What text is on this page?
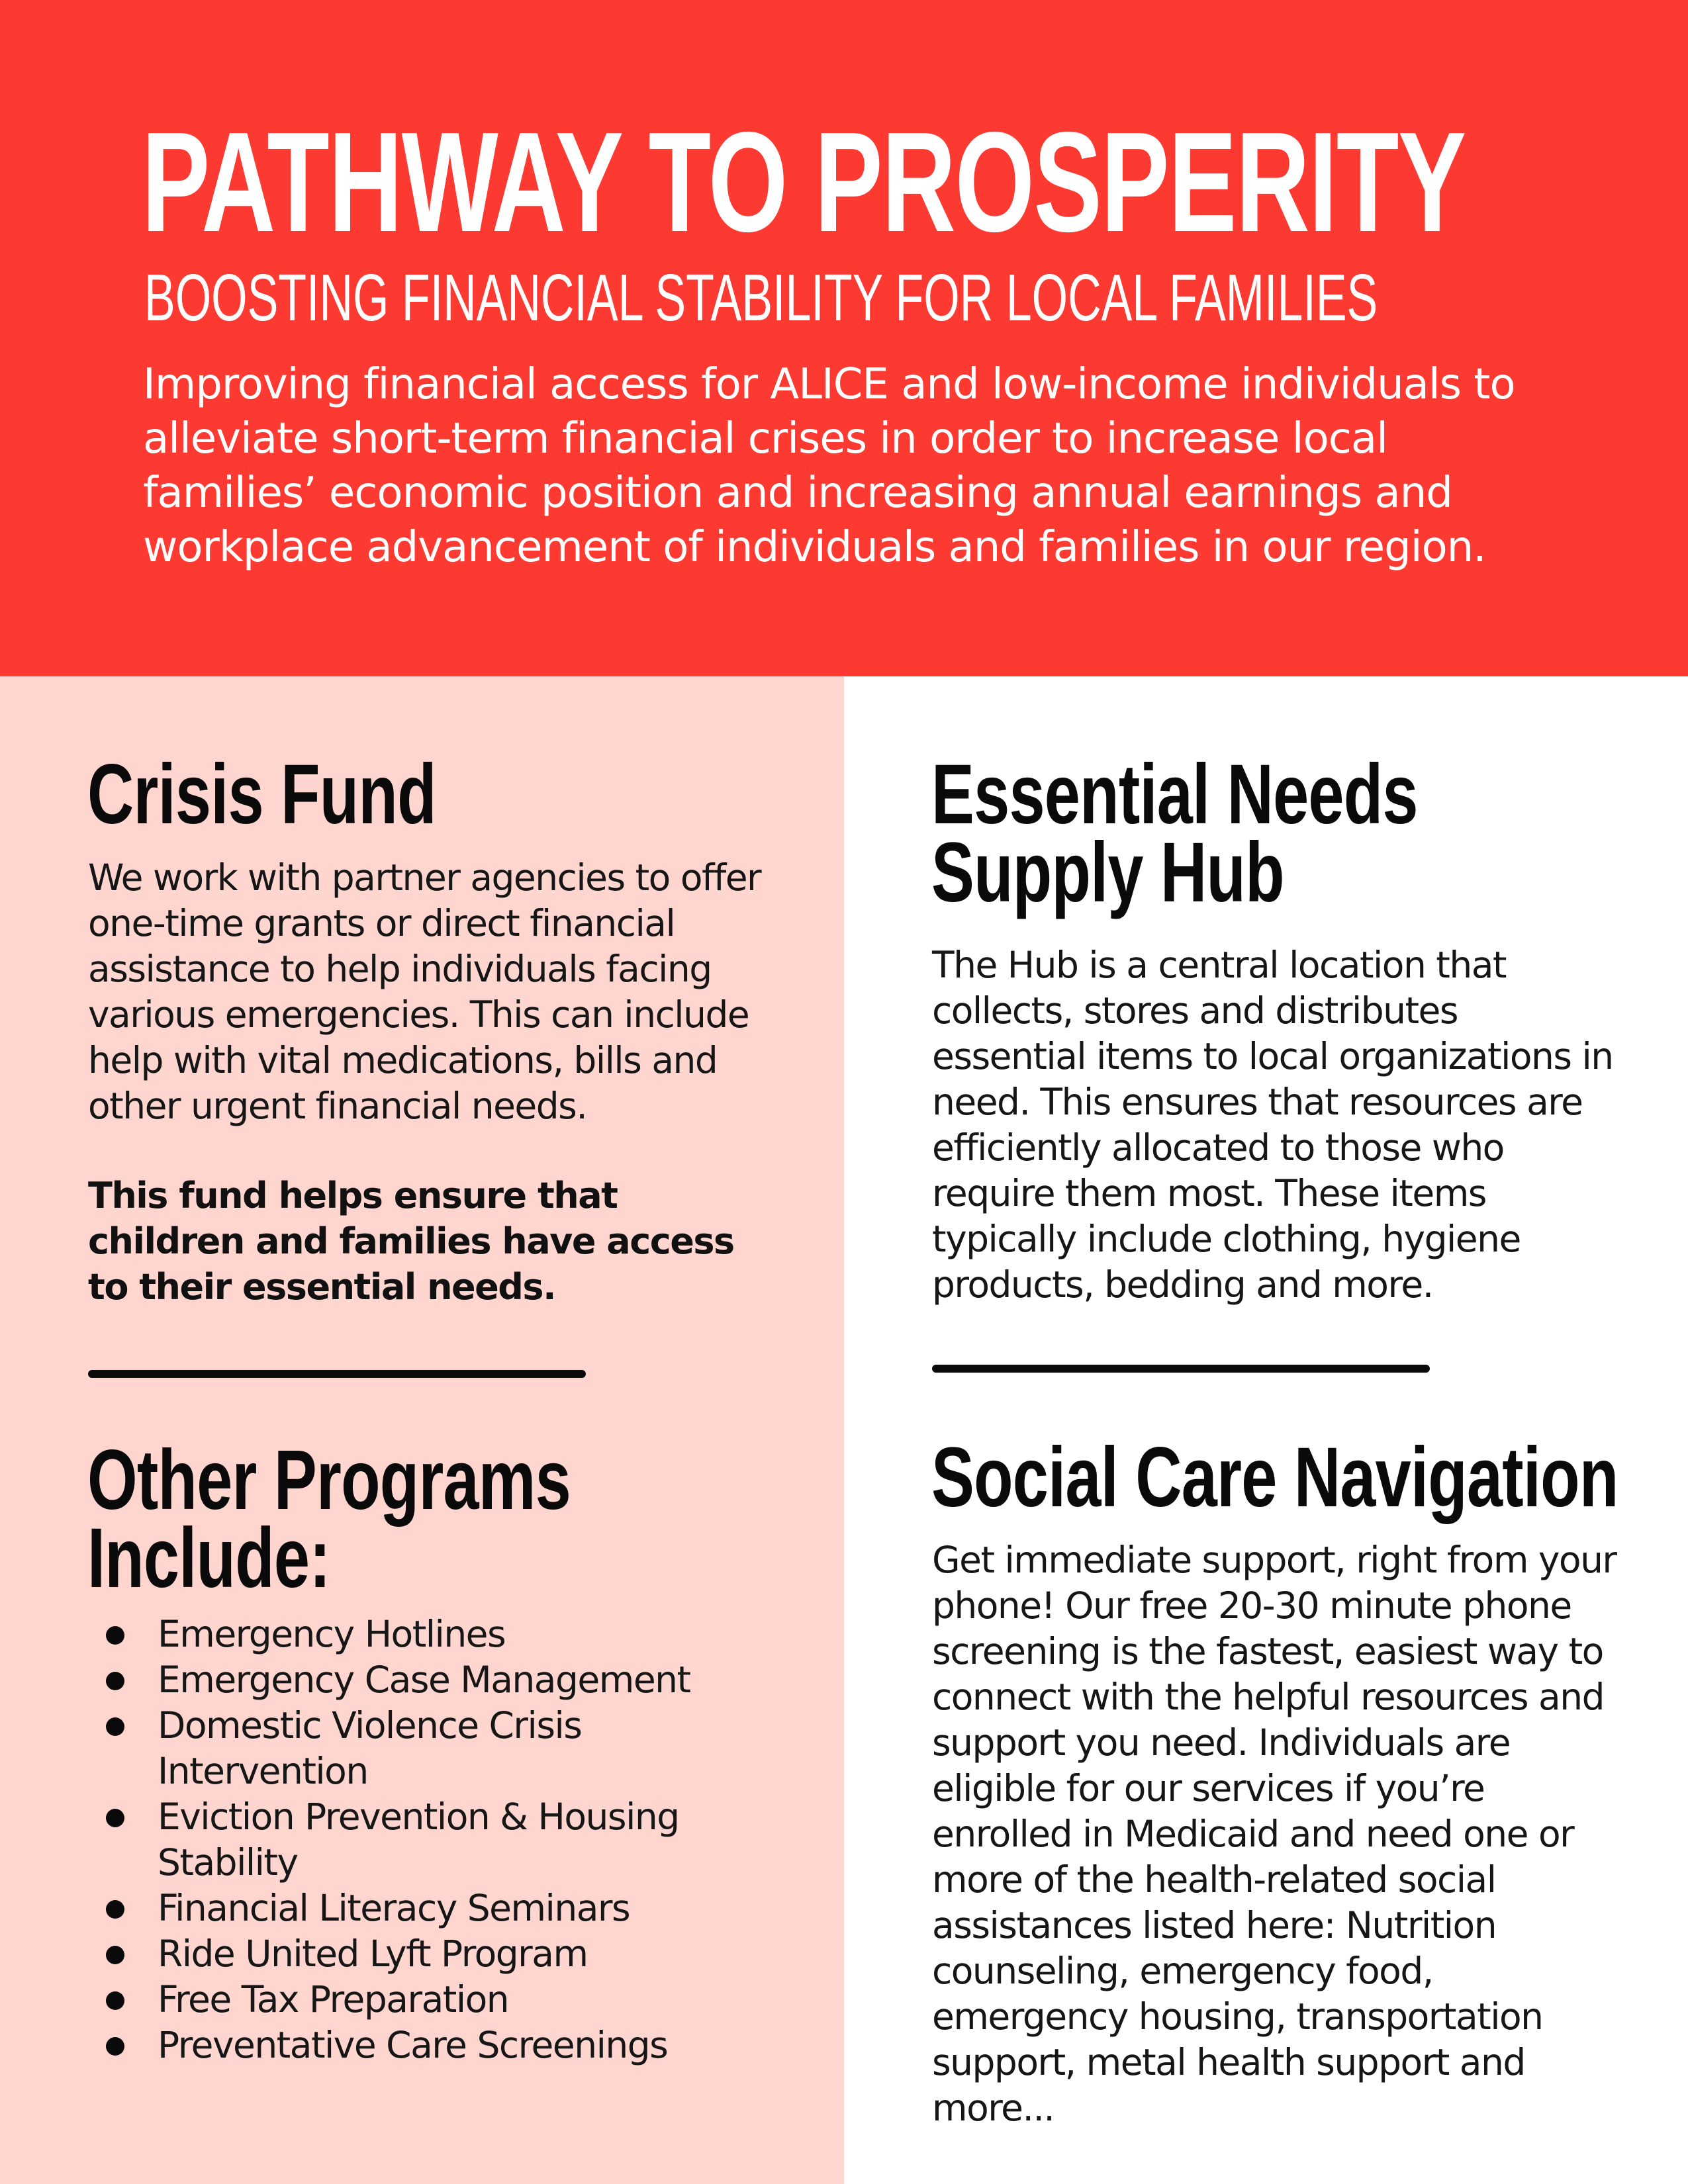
PATHWAY TO PROSPERITY
BOOSTING FINANCIAL STABILITY FOR LOCAL FAMILIES
Improving financial access for ALICE and low-income individuals to alleviate short-term financial crises in order to increase local families’ economic position and increasing annual earnings and workplace advancement of individuals and families in our region.
Crisis Fund
We work with partner agencies to offer one-time grants or direct financial assistance to help individuals facing various emergencies. This can include help with vital medications, bills and other urgent financial needs.
This fund helps ensure that children and families have access to their essential needs.
Other Programs
Include:
Emergency Hotlines
Emergency Case Management
Domestic Violence Crisis Intervention
Eviction Prevention & Housing Stability
Financial Literacy Seminars
Ride United Lyft Program
Free Tax Preparation
Preventative Care Screenings
Essential Needs
Supply Hub
The Hub is a central location that collects, stores and distributes essential items to local organizations in need. This ensures that resources are efficiently allocated to those who require them most. These items typically include clothing, hygiene products, bedding and more.
Social Care Navigation
Get immediate support, right from your phone! Our free 20-30 minute phone screening is the fastest, easiest way to connect with the helpful resources and support you need. Individuals are eligible for our services if you’re enrolled in Medicaid and need one or more of the health-related social assistances listed here: Nutrition counseling, emergency food, emergency housing, transportation support, metal health support and more...
